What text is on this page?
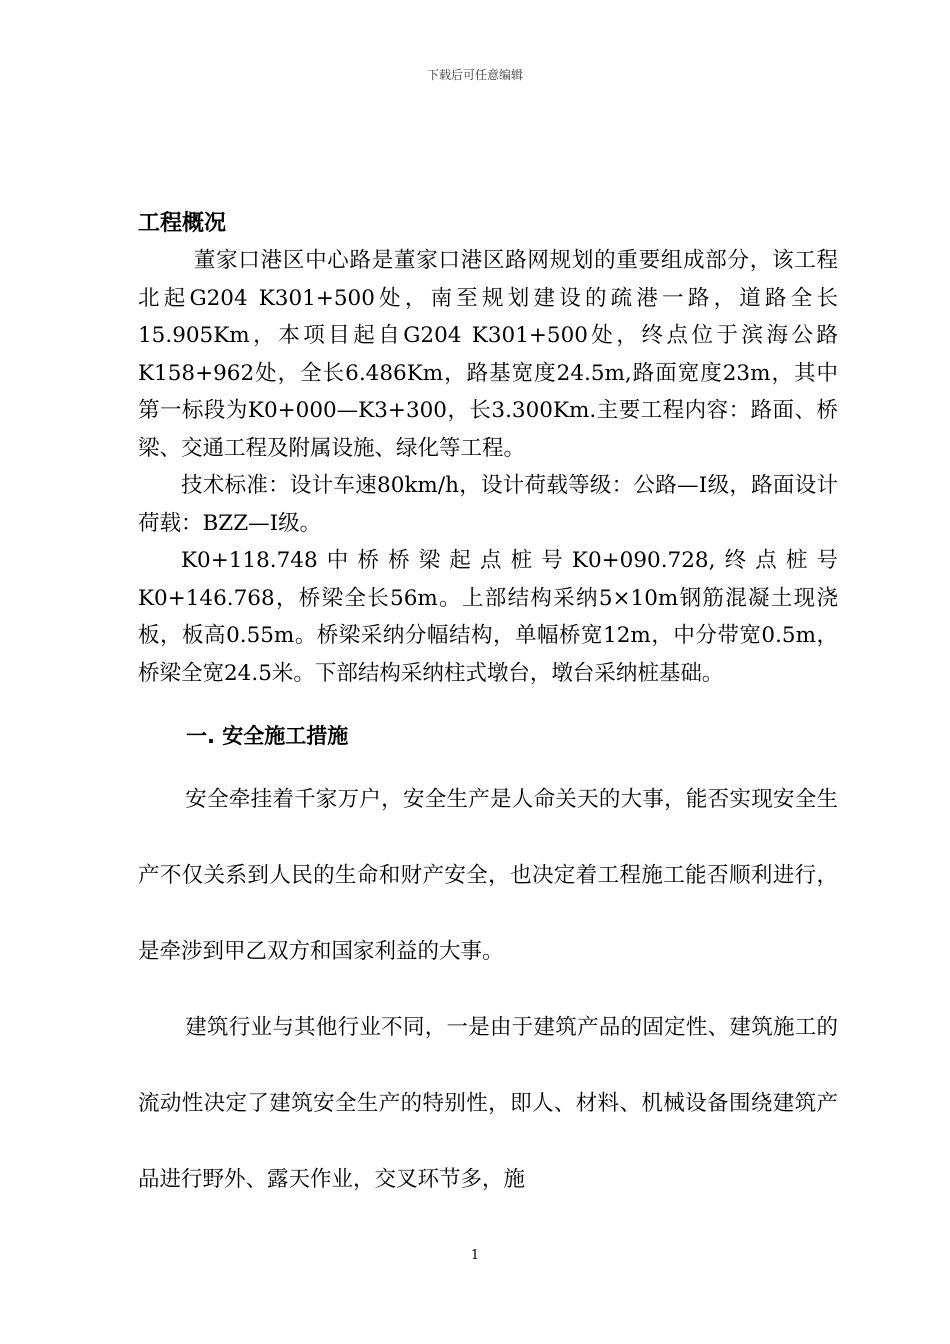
下载后可任意编辑
工程概况

董家口港区中心路是董家口港区路网规划的重要组成部分，该工程北起G204 K301+500处，南至规划建设的疏港一路，道路全长15.905Km，本项目起自G204 K301+500处，终点位于滨海公路K158+962处，全长6.486Km，路基宽度24.5m,路面宽度23m，其中第一标段为K0+000—K3+300，长3.300Km.主要工程内容：路面、桥梁、交通工程及附属设施、绿化等工程。

技术标准：设计车速80km/h，设计荷载等级：公路—Ⅰ级，路面设计荷载：BZZ—Ⅰ级。

K0+118.748中桥桥梁起点桩号K0+090.728,终点桩号K0+146.768，桥梁全长56m。上部结构采纳5×10m钢筋混凝土现浇板，板高0.55m。桥梁采纳分幅结构，单幅桥宽12m，中分带宽0.5m，桥梁全宽24.5米。下部结构采纳柱式墩台，墩台采纳桩基础。

一. 安全施工措施

安全牵挂着千家万户，安全生产是人命关天的大事，能否实现安全生产不仅关系到人民的生命和财产安全，也决定着工程施工能否顺利进行，是牵涉到甲乙双方和国家利益的大事。

建筑行业与其他行业不同，一是由于建筑产品的固定性、建筑施工的流动性决定了建筑安全生产的特别性，即人、材料、机械设备围绕建筑产品进行野外、露天作业，交叉环节多，施

1
